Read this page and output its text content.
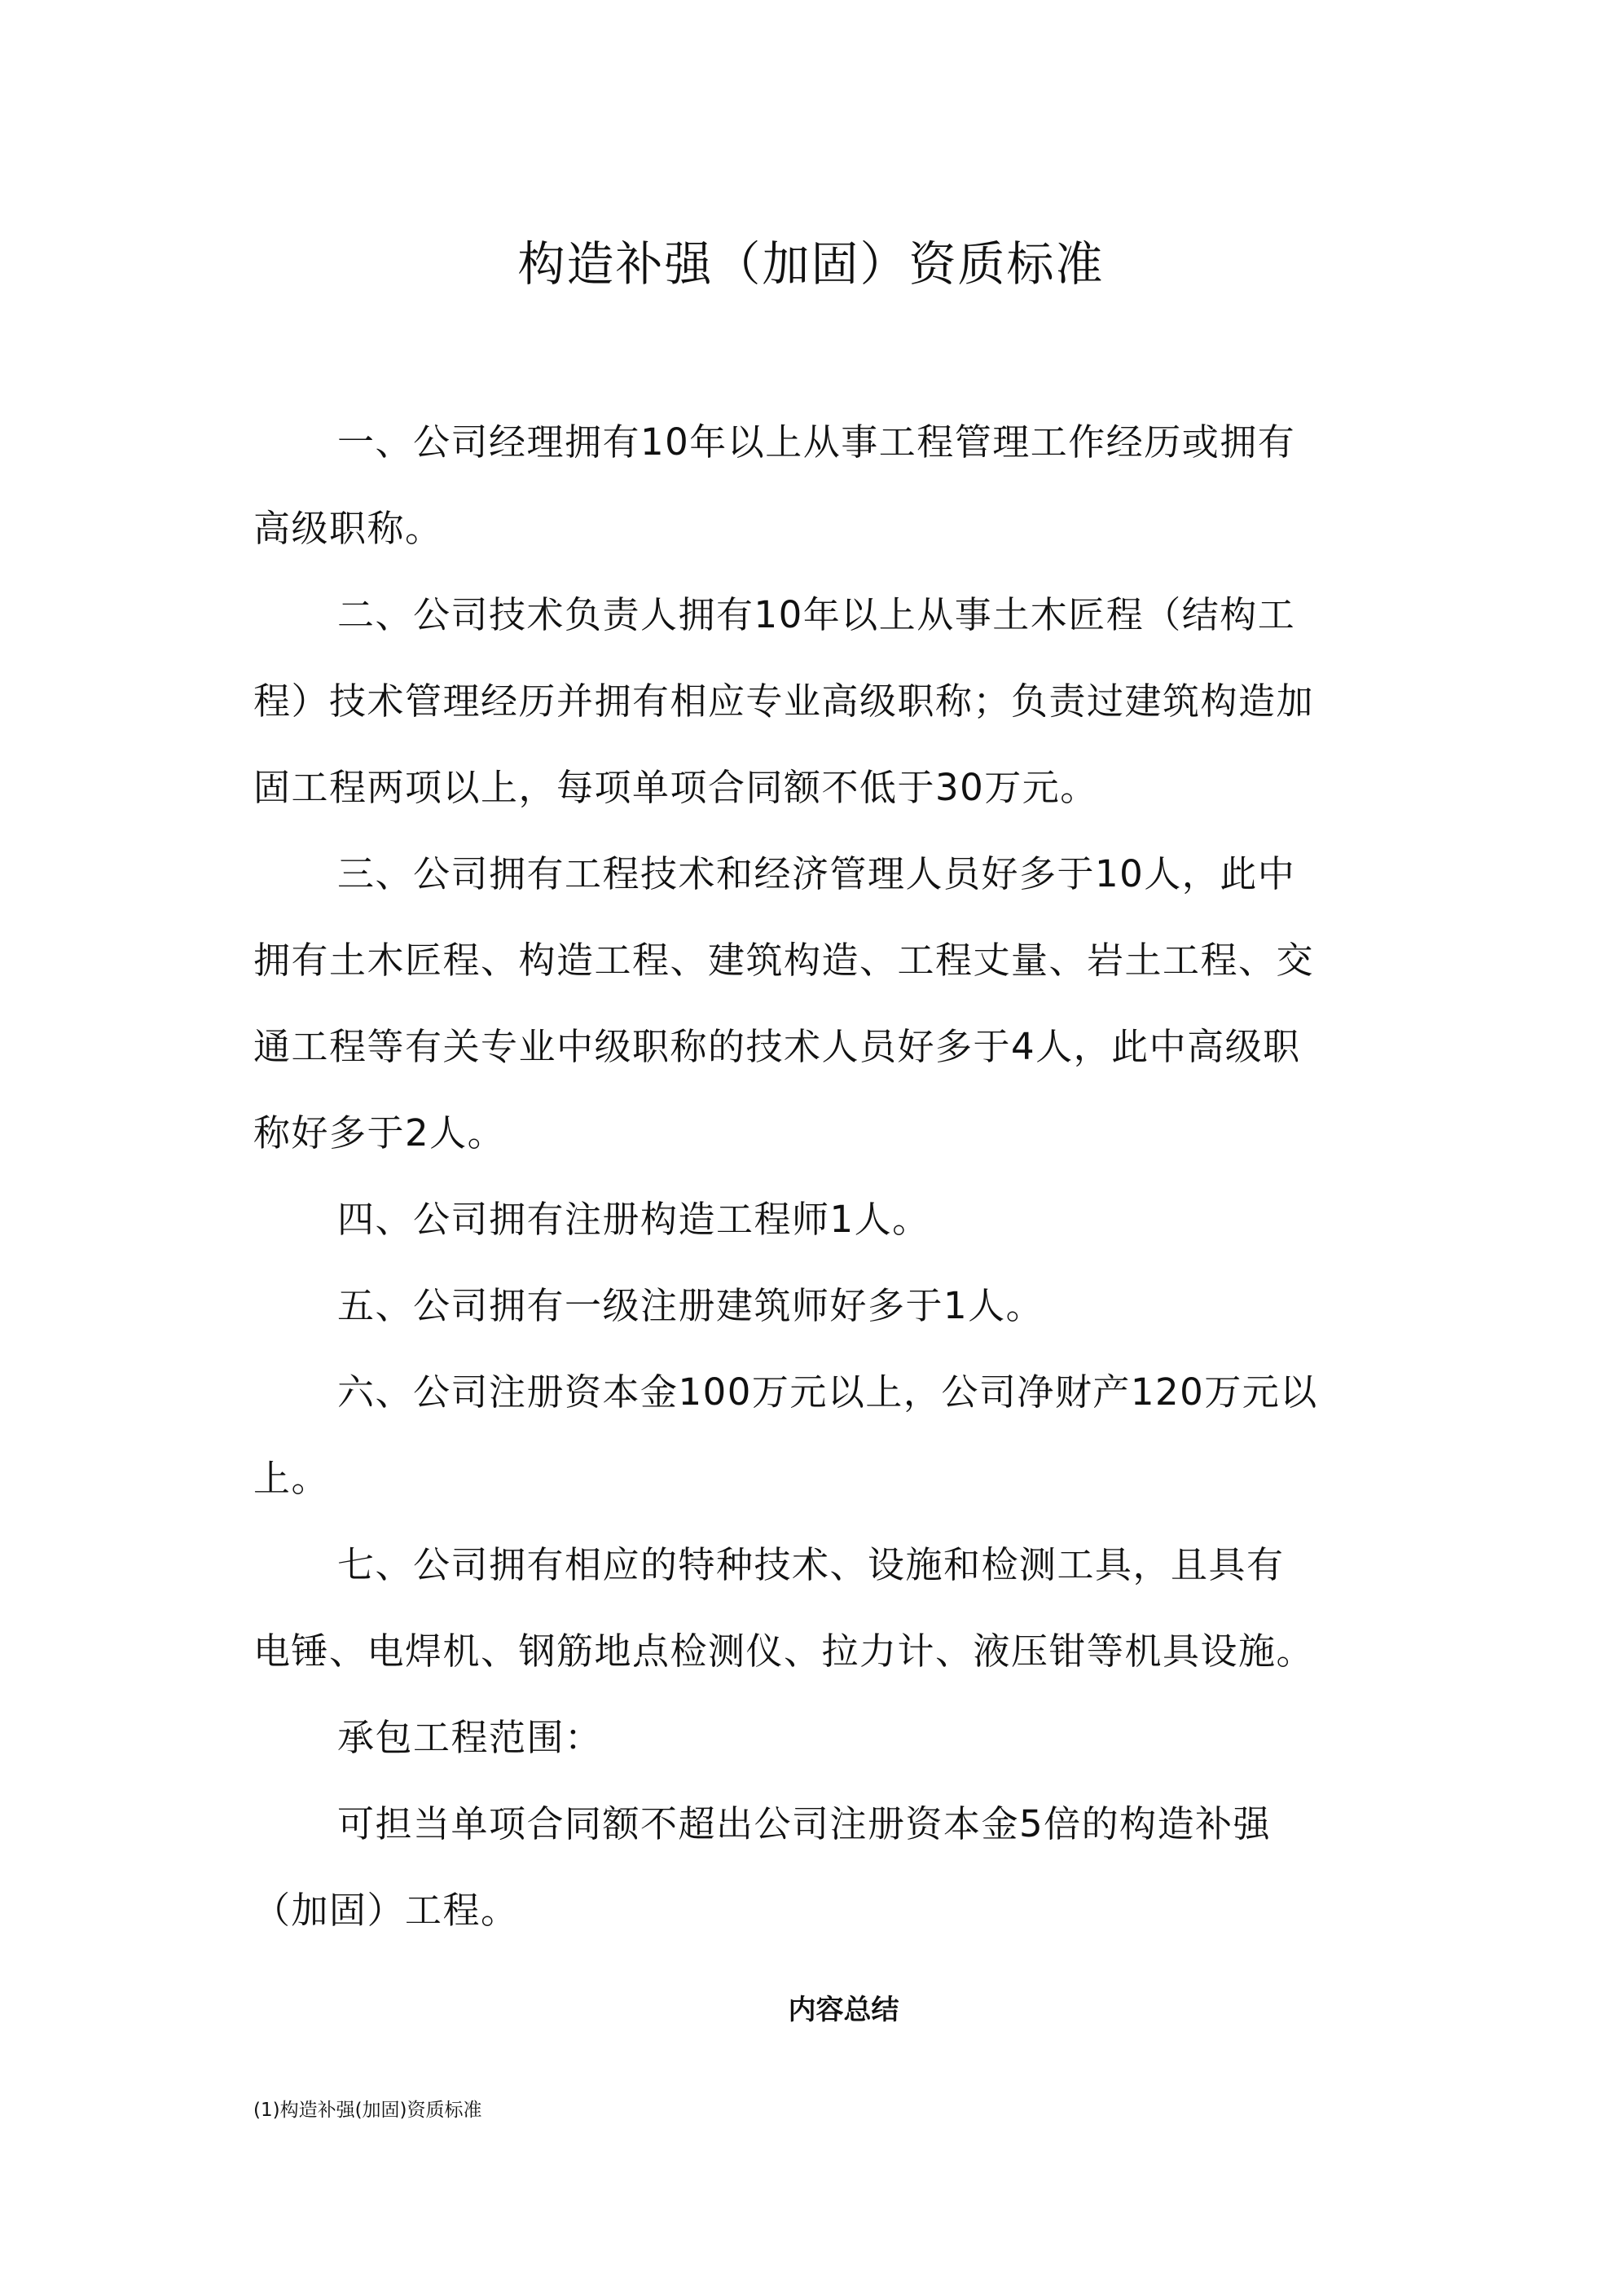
构造补强（加固）资质标准

一、公司经理拥有10年以上从事工程管理工作经历或拥有高级职称。

二、公司技术负责人拥有10年以上从事土木匠程（结构工程）技术管理经历并拥有相应专业高级职称；负责过建筑构造加固工程两项以上，每项单项合同额不低于30万元。

三、公司拥有工程技术和经济管理人员好多于10人，此中拥有土木匠程、构造工程、建筑构造、工程丈量、岩土工程、交通工程等有关专业中级职称的技术人员好多于4人，此中高级职称好多于2人。

四、公司拥有注册构造工程师1人。

五、公司拥有一级注册建筑师好多于1人。

六、公司注册资本金100万元以上，公司净财产120万元以上。

七、公司拥有相应的特种技术、设施和检测工具，且具有电锤、电焊机、钢筋地点检测仪、拉力计、液压钳等机具设施。

承包工程范围：

可担当单项合同额不超出公司注册资本金5倍的构造补强（加固）工程。

内容总结
(1)构造补强(加固)资质标准
